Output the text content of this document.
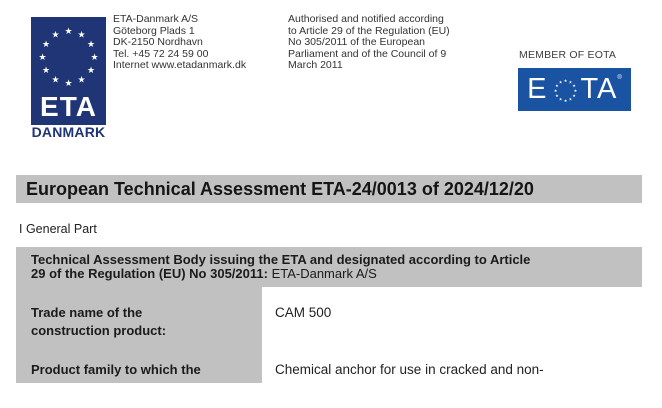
★ ★
★
★
★
★
★
★
★
★
★
★
ETA
DANMARK
ETA-Danmark A/S
Göteborg Plads 1
DK-2150 Nordhavn
Tel. +45 72 24 59 00
Internet www.etadanmark.dk
Authorised and notified according
to Article 29 of the Regulation (EU)
No 305/2011 of the European
Parliament and of the Council of 9
March 2011
MEMBER OF EOTA
E	★ ★
★
★
★
★
★
★
★
★
★
★ TA ®
European Technical Assessment ETA-24/0013 of 2024/12/20
I General Part
Technical Assessment Body issuing the ETA and designated according to Article
29 of the Regulation (EU) No 305/2011: ETA-Danmark A/S
Trade name of the
construction product:
CAM 500
Product family to which the	Chemical anchor for use in cracked and non-
